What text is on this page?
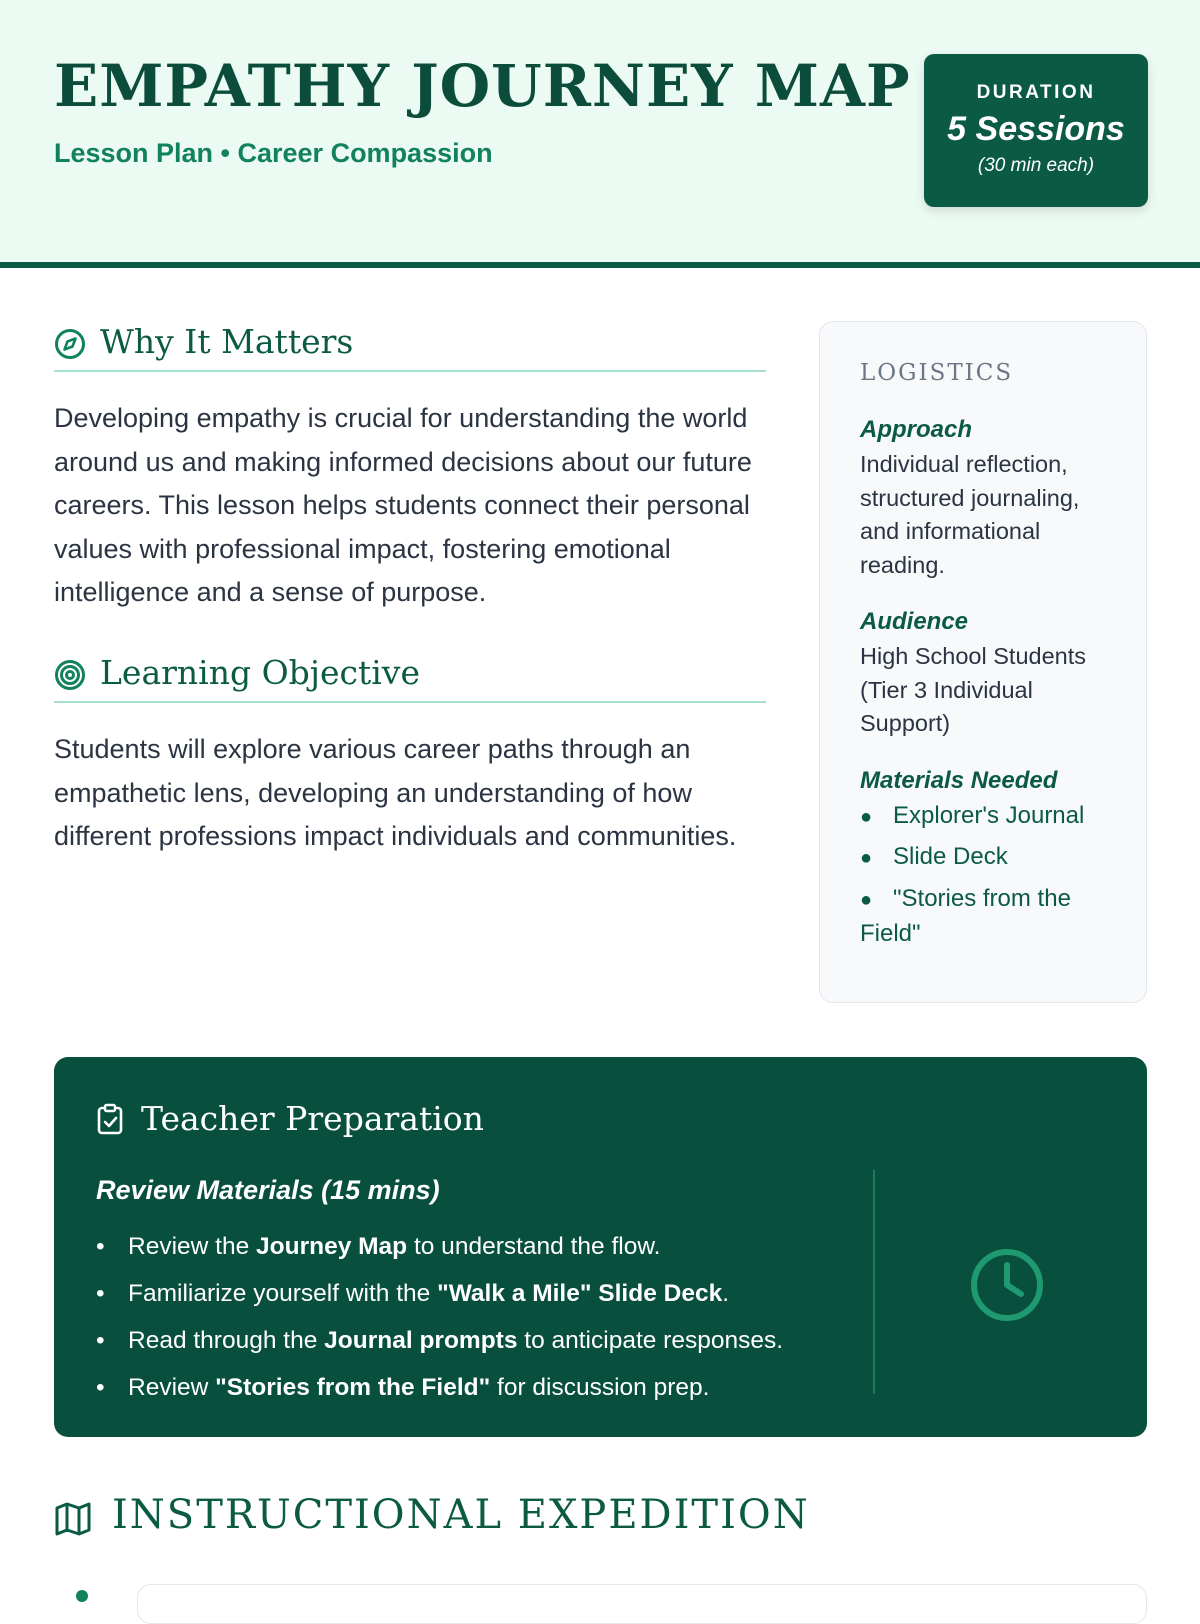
EMPATHY JOURNEY MAP
Lesson Plan • Career Compassion
DURATION
5 Sessions
(30 min each)
Why It Matters
Developing empathy is crucial for understanding the world around us and making informed decisions about our future careers. This lesson helps students connect their personal values with professional impact, fostering emotional intelligence and a sense of purpose.
Learning Objective
Students will explore various career paths through an empathetic lens, developing an understanding of how different professions impact individuals and communities.
LOGISTICS
Approach
Individual reflection, structured journaling, and informational reading.
Audience
High School Students (Tier 3 Individual Support)
Materials Needed
● Explorer's Journal
● Slide Deck
● "Stories from the Field"
Teacher Preparation
Review Materials (15 mins)
• Review the Journey Map to understand the flow.
• Familiarize yourself with the "Walk a Mile" Slide Deck.
• Read through the Journal prompts to anticipate responses.
• Review "Stories from the Field" for discussion prep.
INSTRUCTIONAL EXPEDITION
